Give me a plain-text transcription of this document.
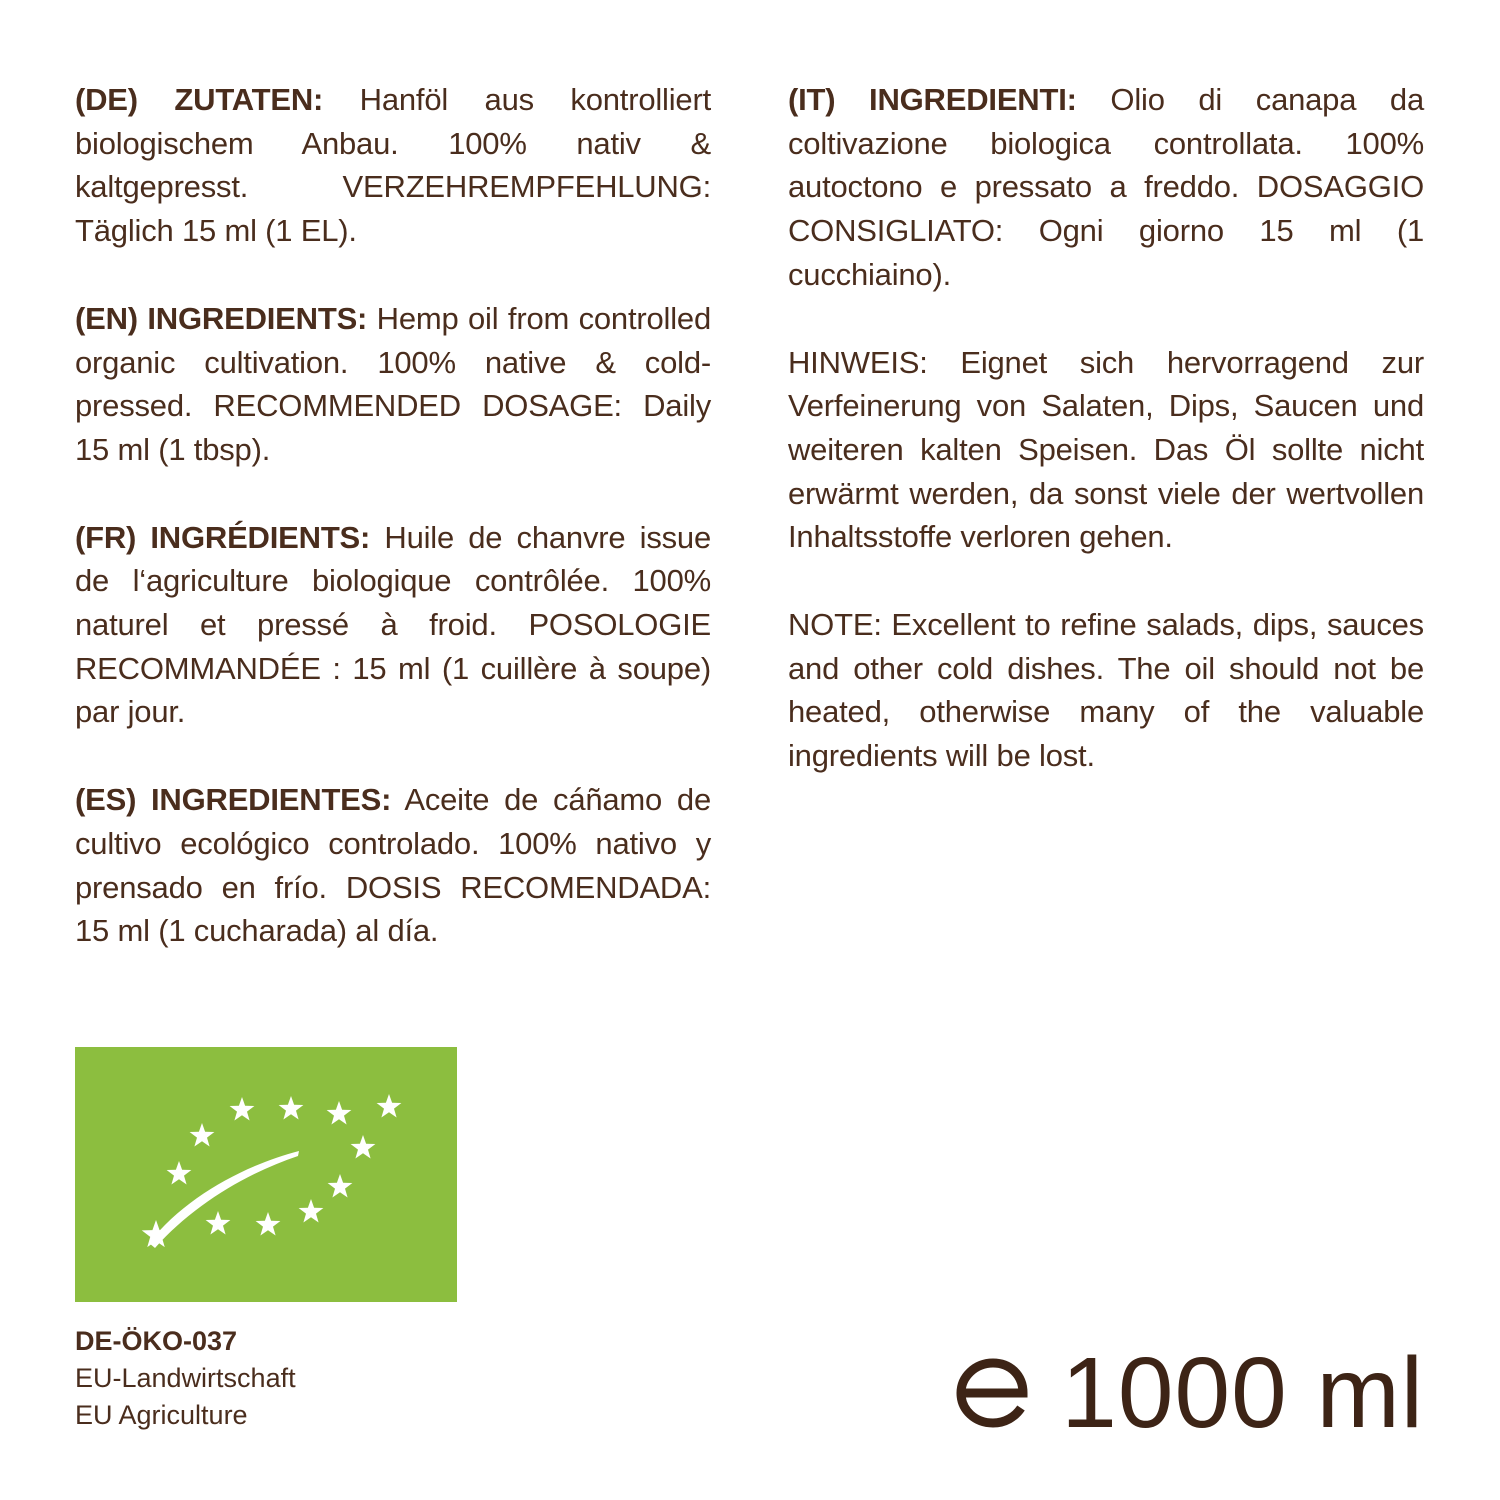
(DE) ZUTATEN: Hanföl aus kontrolliert biologischem Anbau. 100% nativ & kaltgepresst. VERZEHREMPFEHLUNG: Täglich 15 ml (1 EL).

(EN) INGREDIENTS: Hemp oil from controlled organic cultivation. 100% native & cold-pressed. RECOMMENDED DOSAGE: Daily 15 ml (1 tbsp).

(FR) INGRÉDIENTS: Huile de chanvre issue de l‘agriculture biologique contrôlée. 100% naturel et pressé à froid. POSOLOGIE RECOMMANDÉE : 15 ml (1 cuillère à soupe) par jour.

(ES) INGREDIENTES: Aceite de cáñamo de cultivo ecológico controlado. 100% nativo y prensado en frío. DOSIS RECOMENDADA: 15 ml (1 cucharada) al día.

(IT) INGREDIENTI: Olio di canapa da coltivazione biologica controllata. 100% autoctono e pressato a freddo. DOSAGGIO CONSIGLIATO: Ogni giorno 15 ml (1 cucchiaino).

HINWEIS: Eignet sich hervorragend zur Verfeinerung von Salaten, Dips, Saucen und weiteren kalten Speisen. Das Öl sollte nicht erwärmt werden, da sonst viele der wertvollen Inhaltsstoffe verloren gehen.

NOTE: Excellent to refine salads, dips, sauces and other cold dishes. The oil should not be heated, otherwise many of the valuable ingredients will be lost.

DE-ÖKO-037
EU-Landwirtschaft
EU Agriculture	1000 ml
